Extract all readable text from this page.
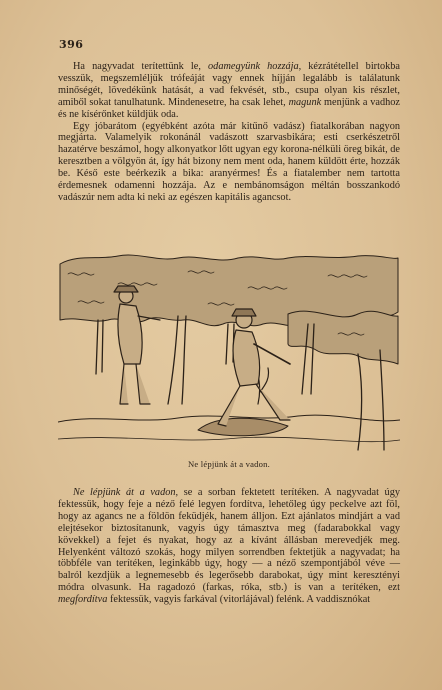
396

Ha nagyvadat terítettünk le, odamegyünk hozzája, kézrátétellel birtokba vesszük, megszemléljük trófeáját vagy ennek híjján legalább is találatunk minőségét, lövedékünk hatását, a vad fekvését, stb., csupa olyan kis részlet, amiből sokat tanulhatunk. Mindenesetre, ha csak lehet, magunk menjünk a vadhoz és ne kísérőnket küldjük oda.

Egy jóbarátom (egyébként azóta már kitűnő vadász) fiatalkorában nagyon megjárta. Valamelyik rokonánál vadászott szarvasbikára; esti cserkészetről hazatérve beszámol, hogy alkonyatkor lőtt ugyan egy korona-nélküli öreg bikát, de keresztben a völgyön át, így hát bizony nem ment oda, hanem küldött érte, hozzák be. Késő este beérkezik a bika: aranyérmes! És a fiatalember nem tartotta érdemesnek odamenni hozzája. Az e nembánomságon méltán bosszankodó vadászúr nem adta ki neki az egészen kapitális agancsot.

Ne lépjünk át a vadon.

Ne lépjünk át a vadon, se a sorban fektetett terítéken. A nagyvadat úgy fektessük, hogy feje a néző felé legyen fordítva, lehetőleg úgy peckelve azt föl, hogy az agancs ne a földön feküdjék, hanem álljon. Ezt ajánlatos mindjárt a vad elejtésekor biztosítanunk, vagyis úgy támasztva meg (fadarabokkal vagy kövekkel) a fejet és nyakat, hogy az a kívánt állásban merevedjék meg. Helyenként változó szokás, hogy milyen sorrendben fektetjük a nagyvadat; ha többféle van terítéken, leginkább úgy, hogy — a néző szempontjából véve — balról kezdjük a legnemesebb és legerősebb darabokat, úgy mint keresztényi módra olvasunk. Ha ragadozó (farkas, róka, stb.) is van a terítéken, ezt megfordítva fektessük, vagyis farkával (vitorlájával) felénk. A vaddisznókat
